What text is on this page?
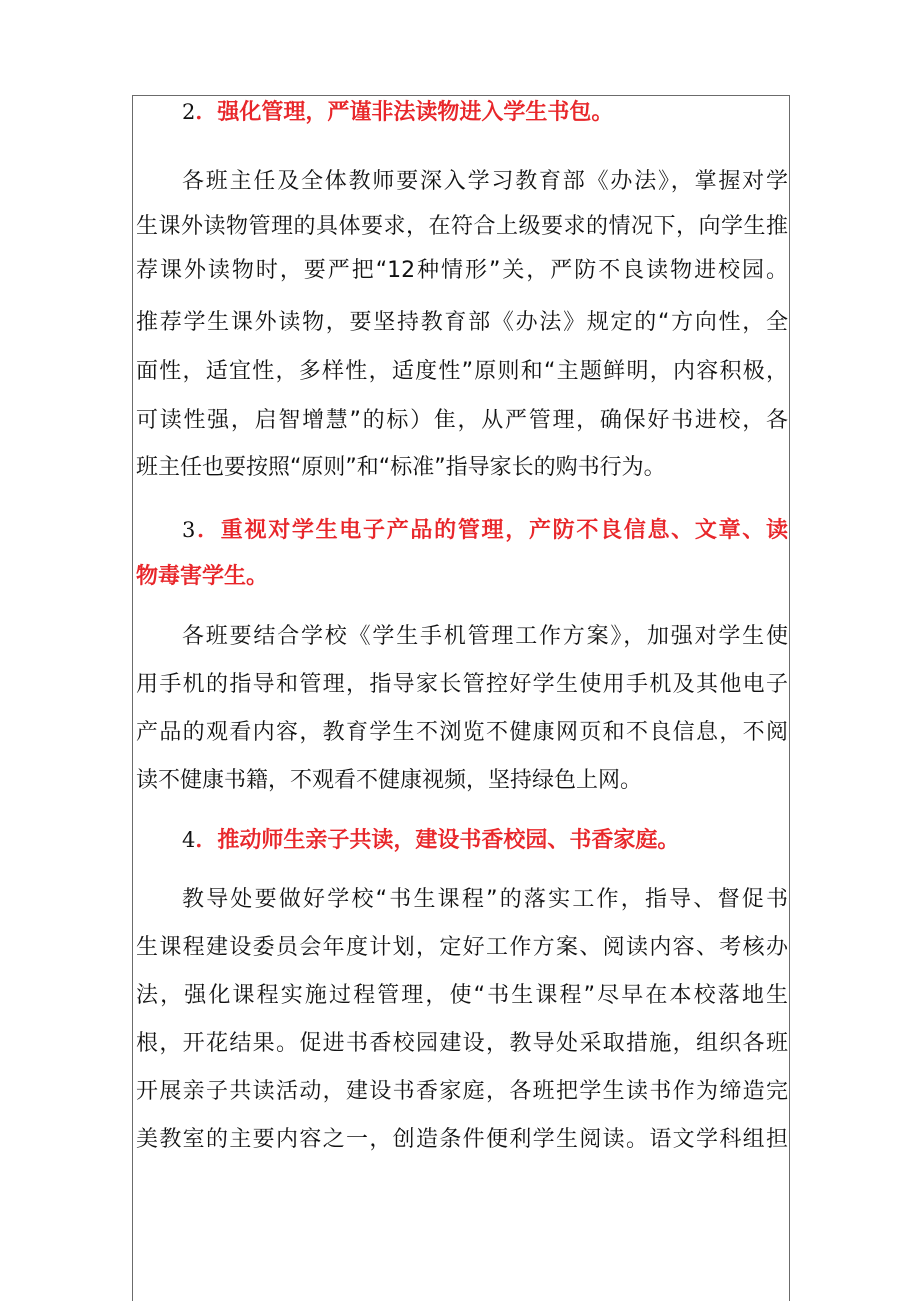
2．强化管理，严谨非法读物进入学生书包。
各班主任及全体教师要深入学习教育部《办法》，掌握对学
生课外读物管理的具体要求，在符合上级要求的情况下，向学生推
荐课外读物时，要严把“12种情形”关，严防不良读物进校园。
推荐学生课外读物，要坚持教育部《办法》规定的“方向性，全
面性，适宜性，多样性，适度性”原则和“主题鲜明，内容积极，
可读性强，启智增慧”的标）隹，从严管理，确保好书进校，各
班主任也要按照“原则”和“标准”指导家长的购书行为。
3．重视对学生电子产品的管理，产防不良信息、文章、读
物毒害学生。
各班要结合学校《学生手机管理工作方案》，加强对学生使
用手机的指导和管理，指导家长管控好学生使用手机及其他电子
产品的观看内容，教育学生不浏览不健康网页和不良信息，不阅
读不健康书籍，不观看不健康视频，坚持绿色上网。
4．推动师生亲子共读，建设书香校园、书香家庭。
教导处要做好学校“书生课程”的落实工作，指导、督促书
生课程建设委员会年度计划，定好工作方案、阅读内容、考核办
法，强化课程实施过程管理，使“书生课程”尽早在本校落地生
根，开花结果。促进书香校园建设，教导处采取措施，组织各班
开展亲子共读活动，建设书香家庭，各班把学生读书作为缔造完
美教室的主要内容之一，创造条件便利学生阅读。语文学科组担
